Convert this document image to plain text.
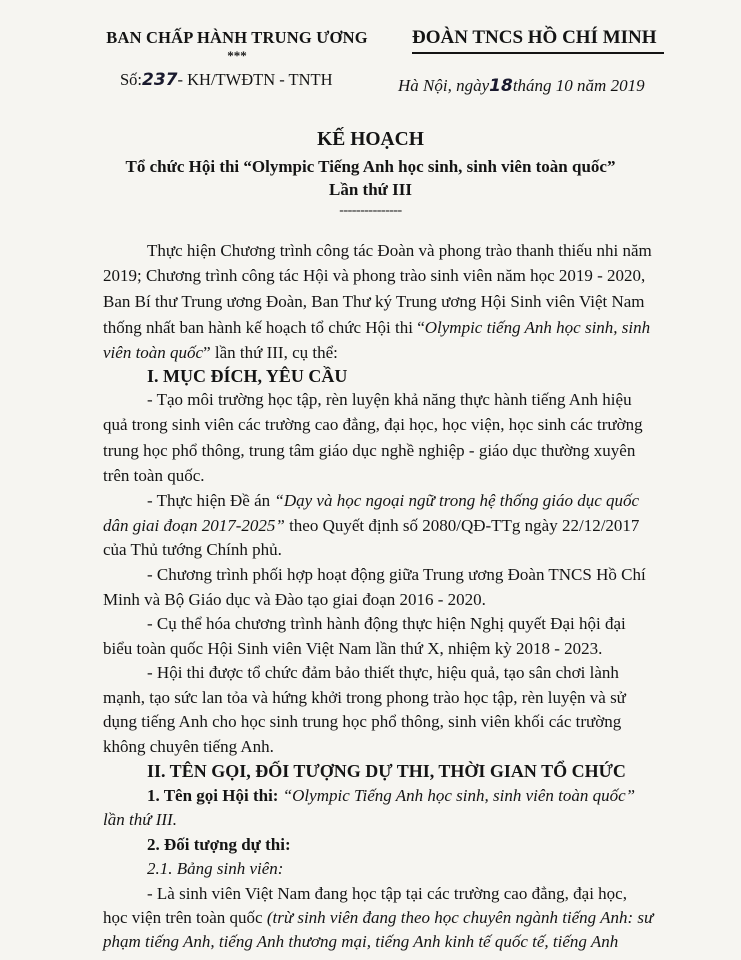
BAN CHẤP HÀNH TRUNG ƯƠNG
***
ĐOÀN TNCS HỒ CHÍ MINH
Số:237- KH/TWĐTN - TNTH	Hà Nội, ngày18tháng 10 năm 2019
KẾ HOẠCH
Tổ chức Hội thi “Olympic Tiếng Anh học sinh, sinh viên toàn quốc”
Lần thứ III
---------------
Thực hiện Chương trình công tác Đoàn và phong trào thanh thiếu nhi năm
2019; Chương trình công tác Hội và phong trào sinh viên năm học 2019 - 2020,
Ban Bí thư Trung ương Đoàn, Ban Thư ký Trung ương Hội Sinh viên Việt Nam
thống nhất ban hành kế hoạch tổ chức Hội thi “Olympic tiếng Anh học sinh, sinh
viên toàn quốc” lần thứ III, cụ thể:
I. MỤC ĐÍCH, YÊU CẦU
- Tạo môi trường học tập, rèn luyện khả năng thực hành tiếng Anh hiệu
quả trong sinh viên các trường cao đẳng, đại học, học viện, học sinh các trường
trung học phổ thông, trung tâm giáo dục nghề nghiệp - giáo dục thường xuyên
trên toàn quốc.
- Thực hiện Đề án “Dạy và học ngoại ngữ trong hệ thống giáo dục quốc
dân giai đoạn 2017-2025” theo Quyết định số 2080/QĐ-TTg ngày 22/12/2017
của Thủ tướng Chính phủ.
- Chương trình phối hợp hoạt động giữa Trung ương Đoàn TNCS Hồ Chí
Minh và Bộ Giáo dục và Đào tạo giai đoạn 2016 - 2020.
- Cụ thể hóa chương trình hành động thực hiện Nghị quyết Đại hội đại
biểu toàn quốc Hội Sinh viên Việt Nam lần thứ X, nhiệm kỳ 2018 - 2023.
- Hội thi được tổ chức đảm bảo thiết thực, hiệu quả, tạo sân chơi lành
mạnh, tạo sức lan tỏa và hứng khởi trong phong trào học tập, rèn luyện và sử
dụng tiếng Anh cho học sinh trung học phổ thông, sinh viên khối các trường
không chuyên tiếng Anh.
II. TÊN GỌI, ĐỐI TƯỢNG DỰ THI, THỜI GIAN TỔ CHỨC
1. Tên gọi Hội thi: “Olympic Tiếng Anh học sinh, sinh viên toàn quốc”
lần thứ III.
2. Đối tượng dự thi:
2.1. Bảng sinh viên:
- Là sinh viên Việt Nam đang học tập tại các trường cao đẳng, đại học,
học viện trên toàn quốc (trừ sinh viên đang theo học chuyên ngành tiếng Anh: sư
phạm tiếng Anh, tiếng Anh thương mại, tiếng Anh kinh tế quốc tế, tiếng Anh
